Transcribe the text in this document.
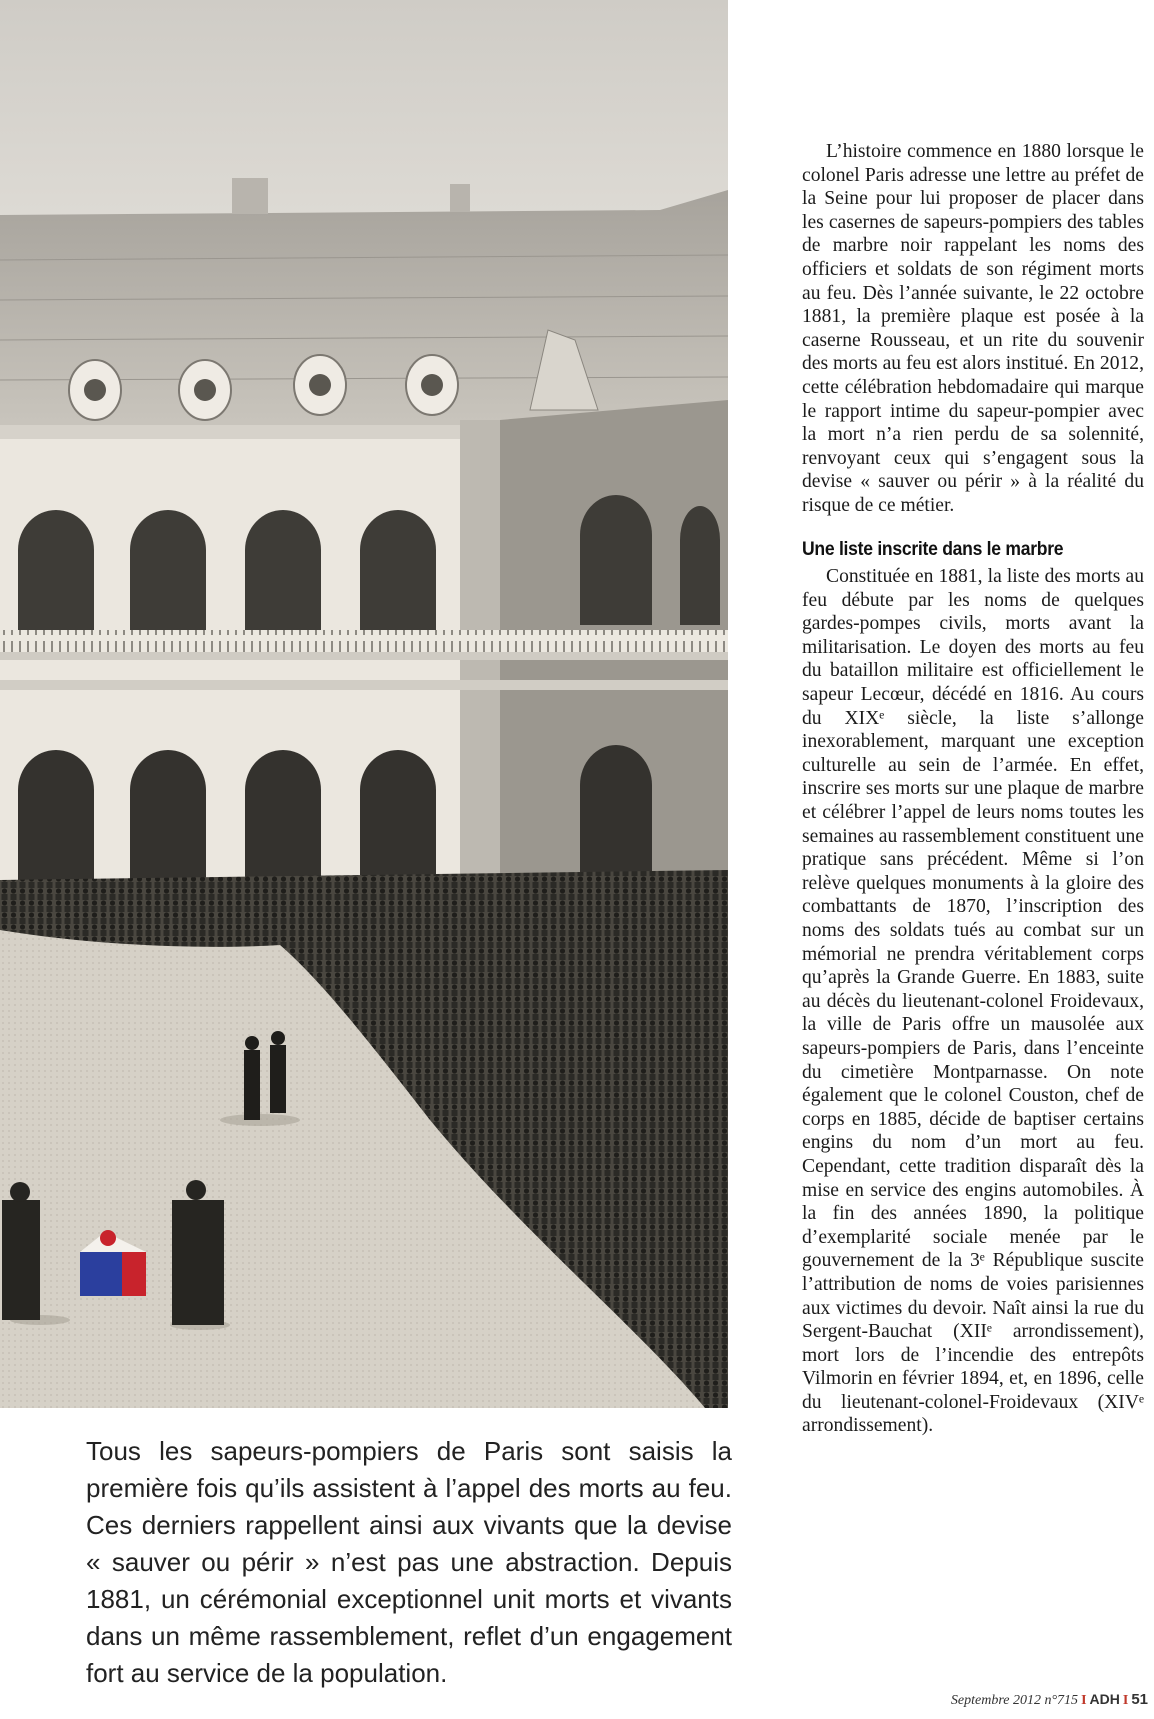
Tous les sapeurs-pompiers de Paris sont saisis la première fois qu’ils assistent à l’appel des morts au feu. Ces derniers rappellent ainsi aux vivants que la devise « sauver ou périr » n’est pas une abstraction. Depuis 1881, un cérémonial exceptionnel unit morts et vivants dans un même rassemblement, reflet d’un engagement fort au service de la population.

L’histoire commence en 1880 lorsque le colonel Paris adresse une lettre au préfet de la Seine pour lui proposer de placer dans les casernes de sapeurs-pompiers des tables de marbre noir rappelant les noms des officiers et soldats de son régiment morts au feu. Dès l’année suivante, le 22 octobre 1881, la première plaque est posée à la caserne Rousseau, et un rite du souvenir des morts au feu est alors institué. En 2012, cette célébration hebdomadaire qui marque le rapport intime du sapeur-pompier avec la mort n’a rien perdu de sa solennité, renvoyant ceux qui s’engagent sous la devise « sauver ou périr » à la réalité du risque de ce métier.

Une liste inscrite dans le marbre

Constituée en 1881, la liste des morts au feu débute par les noms de quelques gardes-pompes civils, morts avant la militarisation. Le doyen des morts au feu du bataillon militaire est officiellement le sapeur Lecœur, décédé en 1816. Au cours du XIXᵉ siècle, la liste s’allonge inexorablement, marquant une exception culturelle au sein de l’armée. En effet, inscrire ses morts sur une plaque de marbre et célébrer l’appel de leurs noms toutes les semaines au rassemblement constituent une pratique sans précédent. Même si l’on relève quelques monuments à la gloire des combattants de 1870, l’inscription des noms des soldats tués au combat sur un mémorial ne prendra véritablement corps qu’après la Grande Guerre. En 1883, suite au décès du lieutenant-colonel Froidevaux, la ville de Paris offre un mausolée aux sapeurs-pompiers de Paris, dans l’enceinte du cimetière Montparnasse. On note également que le colonel Couston, chef de corps en 1885, décide de baptiser certains engins du nom d’un mort au feu. Cependant, cette tradition disparaît dès la mise en service des engins automobiles. À la fin des années 1890, la politique d’exemplarité sociale menée par le gouvernement de la 3ᵉ République suscite l’attribution de noms de voies parisiennes aux victimes du devoir. Naît ainsi la rue du Sergent-Bauchat (XIIᵉ arrondissement), mort lors de l’incendie des entrepôts Vilmorin en février 1894, et, en 1896, celle du lieutenant-colonel-Froidevaux (XIVᵉ arrondissement).

Septembre 2012 n°715 I ADH I 51
